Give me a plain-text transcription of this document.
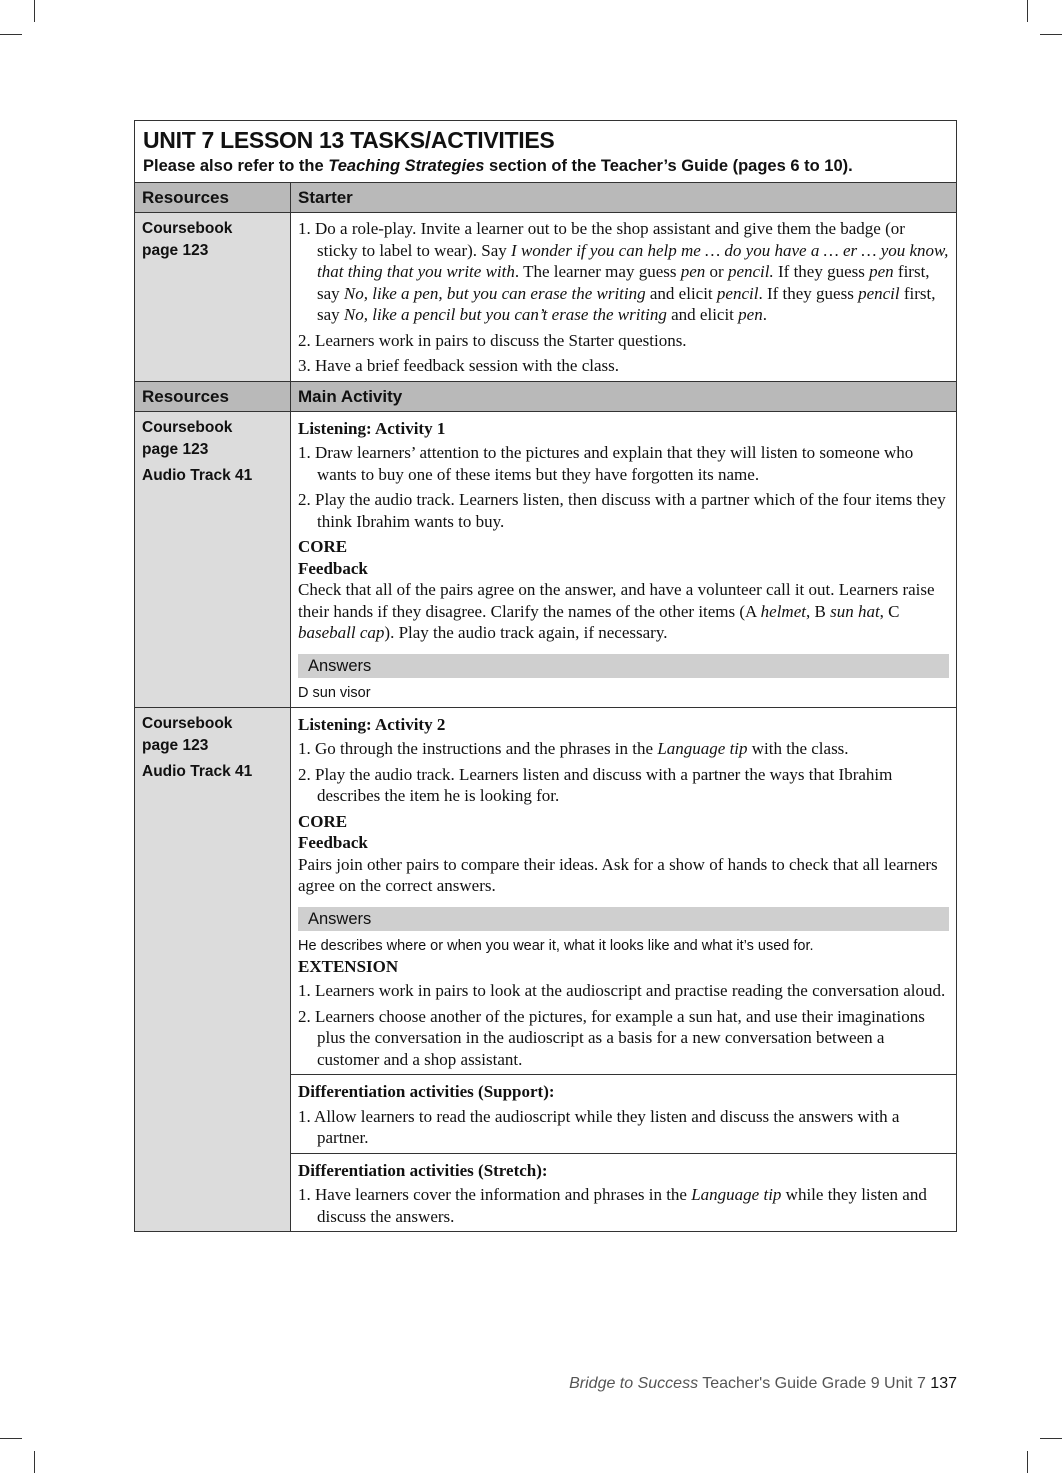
UNIT 7 LESSON 13 TASKS/ACTIVITIES
Please also refer to the Teaching Strategies section of the Teacher’s Guide (pages 6 to 10).
Resources	Starter
Coursebook
page 123
1. Do a role-play. Invite a learner out to be the shop assistant and give them the badge (or sticky to label to wear). Say I wonder if you can help me … do you have a … er … you know, that thing that you write with. The learner may guess pen or pencil. If they guess pen first, say No, like a pen, but you can erase the writing and elicit pencil. If they guess pencil first, say No, like a pencil but you can’t erase the writing and elicit pen.
2. Learners work in pairs to discuss the Starter questions.
3. Have a brief feedback session with the class.
Resources	Main Activity
Coursebook
page 123
Audio Track 41
Listening: Activity 1
1. Draw learners’ attention to the pictures and explain that they will listen to someone who wants to buy one of these items but they have forgotten its name.
2. Play the audio track. Learners listen, then discuss with a partner which of the four items they think Ibrahim wants to buy.
CORE
Feedback

Check that all of the pairs agree on the answer, and have a volunteer call it out. Learners raise their hands if they disagree. Clarify the names of the other items (A helmet, B sun hat, C baseball cap). Play the audio track again, if necessary.

Answers
D sun visor
Coursebook
page 123
Audio Track 41
Listening: Activity 2
1. Go through the instructions and the phrases in the Language tip with the class.
2. Play the audio track. Learners listen and discuss with a partner the ways that Ibrahim describes the item he is looking for.
CORE
Feedback

Pairs join other pairs to compare their ideas. Ask for a show of hands to check that all learners agree on the correct answers.

Answers
He describes where or when you wear it, what it looks like and what it’s used for.
EXTENSION
1. Learners work in pairs to look at the audioscript and practise reading the conversation aloud.
2. Learners choose another of the pictures, for example a sun hat, and use their imaginations plus the conversation in the audioscript as a basis for a new conversation between a customer and a shop assistant.
Differentiation activities (Support):
1. Allow learners to read the audioscript while they listen and discuss the answers with a partner.
Differentiation activities (Stretch):
1. Have learners cover the information and phrases in the Language tip while they listen and discuss the answers.
Bridge to Success Teacher's Guide Grade 9 Unit 7 137
